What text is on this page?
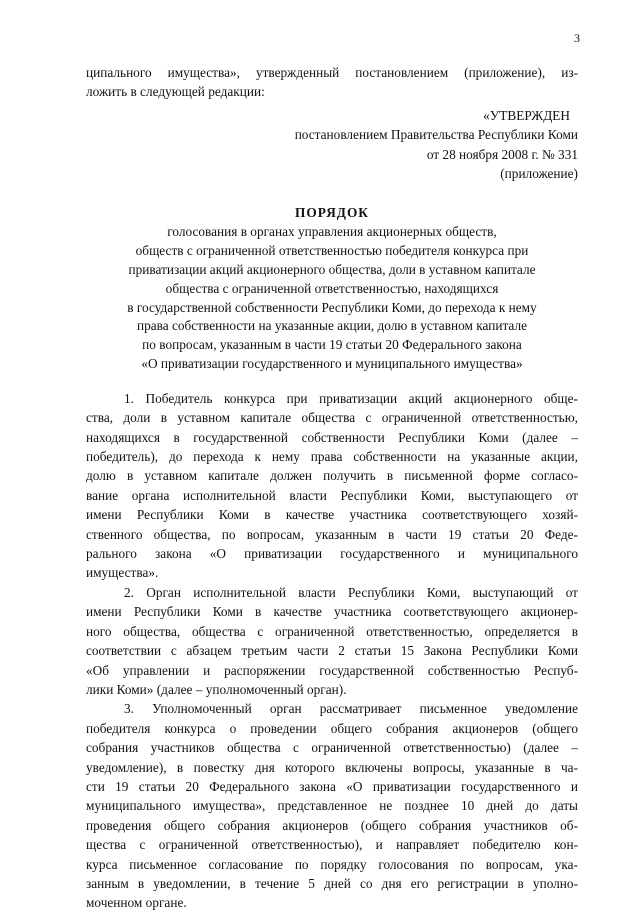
3
ципального имущества», утвержденный постановлением (приложение), из-
ложить в следующей редакции:
«УТВЕРЖДЕН
постановлением Правительства Республики Коми
от 28 ноября 2008 г. № 331
(приложение)
ПОРЯДОК
голосования в органах управления акционерных обществ,
обществ с ограниченной ответственностью победителя конкурса при
приватизации акций акционерного общества, доли в уставном капитале
общества с ограниченной ответственностью, находящихся
в государственной собственности Республики Коми, до перехода к нему
права собственности на указанные акции, долю в уставном капитале
по вопросам, указанным в части 19 статьи 20 Федерального закона
«О приватизации государственного и муниципального имущества»
1. Победитель конкурса при приватизации акций акционерного обще-
ства, доли в уставном капитале общества с ограниченной ответственностью,
находящихся в государственной собственности Республики Коми (далее –
победитель), до перехода к нему права собственности на указанные акции,
долю в уставном капитале должен получить в письменной форме согласо-
вание органа исполнительной власти Республики Коми, выступающего от
имени Республики Коми в качестве участника соответствующего хозяй-
ственного общества, по вопросам, указанным в части 19 статьи 20 Феде-
рального закона «О приватизации государственного и муниципального
имущества».
2. Орган исполнительной власти Республики Коми, выступающий от
имени Республики Коми в качестве участника соответствующего акционер-
ного общества, общества с ограниченной ответственностью, определяется в
соответствии с абзацем третьим части 2 статьи 15 Закона Республики Коми
«Об управлении и распоряжении государственной собственностью Респуб-
лики Коми» (далее – уполномоченный орган).
3. Уполномоченный орган рассматривает письменное уведомление
победителя конкурса о проведении общего собрания акционеров (общего
собрания участников общества с ограниченной ответственностью) (далее –
уведомление), в повестку дня которого включены вопросы, указанные в ча-
сти 19 статьи 20 Федерального закона «О приватизации государственного и
муниципального имущества», представленное не позднее 10 дней до даты
проведения общего собрания акционеров (общего собрания участников об-
щества с ограниченной ответственностью), и направляет победителю кон-
курса письменное согласование по порядку голосования по вопросам, ука-
занным в уведомлении, в течение 5 дней со дня его регистрации в уполно-
моченном органе.
